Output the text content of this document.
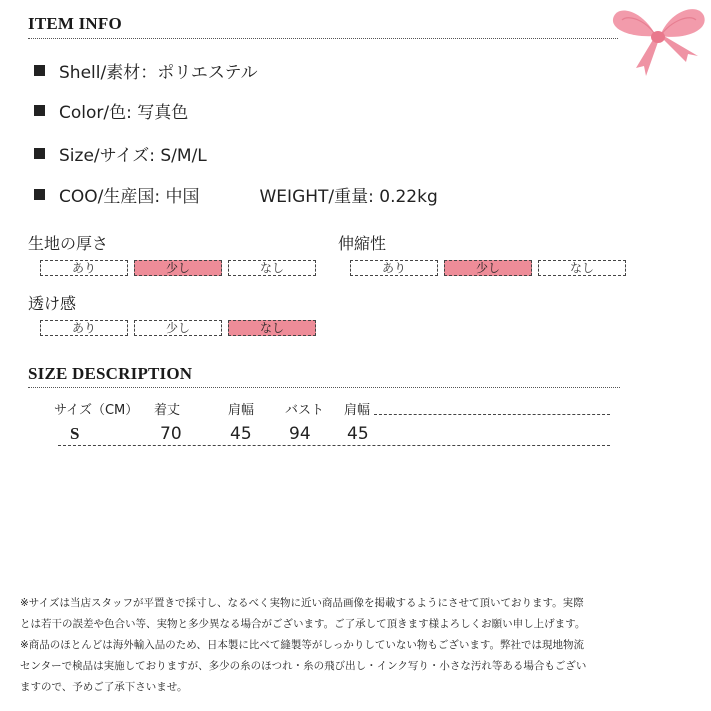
ITEM INFO
Shell/素材：ポリエステル
Color/色: 写真色
Size/サイズ: S/M/L
COO/生産国: 中国	WEIGHT/重量: 0.22kg
生地の厚さ
あり	少し	なし
伸縮性
あり	少し	なし
透け感
あり	少し	なし
SIZE DESCRIPTION
サイズ（CM） 着丈	肩幅 バスト 肩幅
S	70	45 94 45
※サイズは当店スタッフが平置きで採寸し、なるべく実物に近い商品画像を掲載するようにさせて頂いております。実際
とは若干の誤差や色合い等、実物と多少異なる場合がございます。ご了承して頂きます様よろしくお願い申し上げます。
※商品のほとんどは海外輸入品のため、日本製に比べて縫製等がしっかりしていない物もございます。弊社では現地物流
センターで検品は実施しておりますが、多少の糸のほつれ・糸の飛び出し・インク写り・小さな汚れ等ある場合もござい
ますので、予めご了承下さいませ。
